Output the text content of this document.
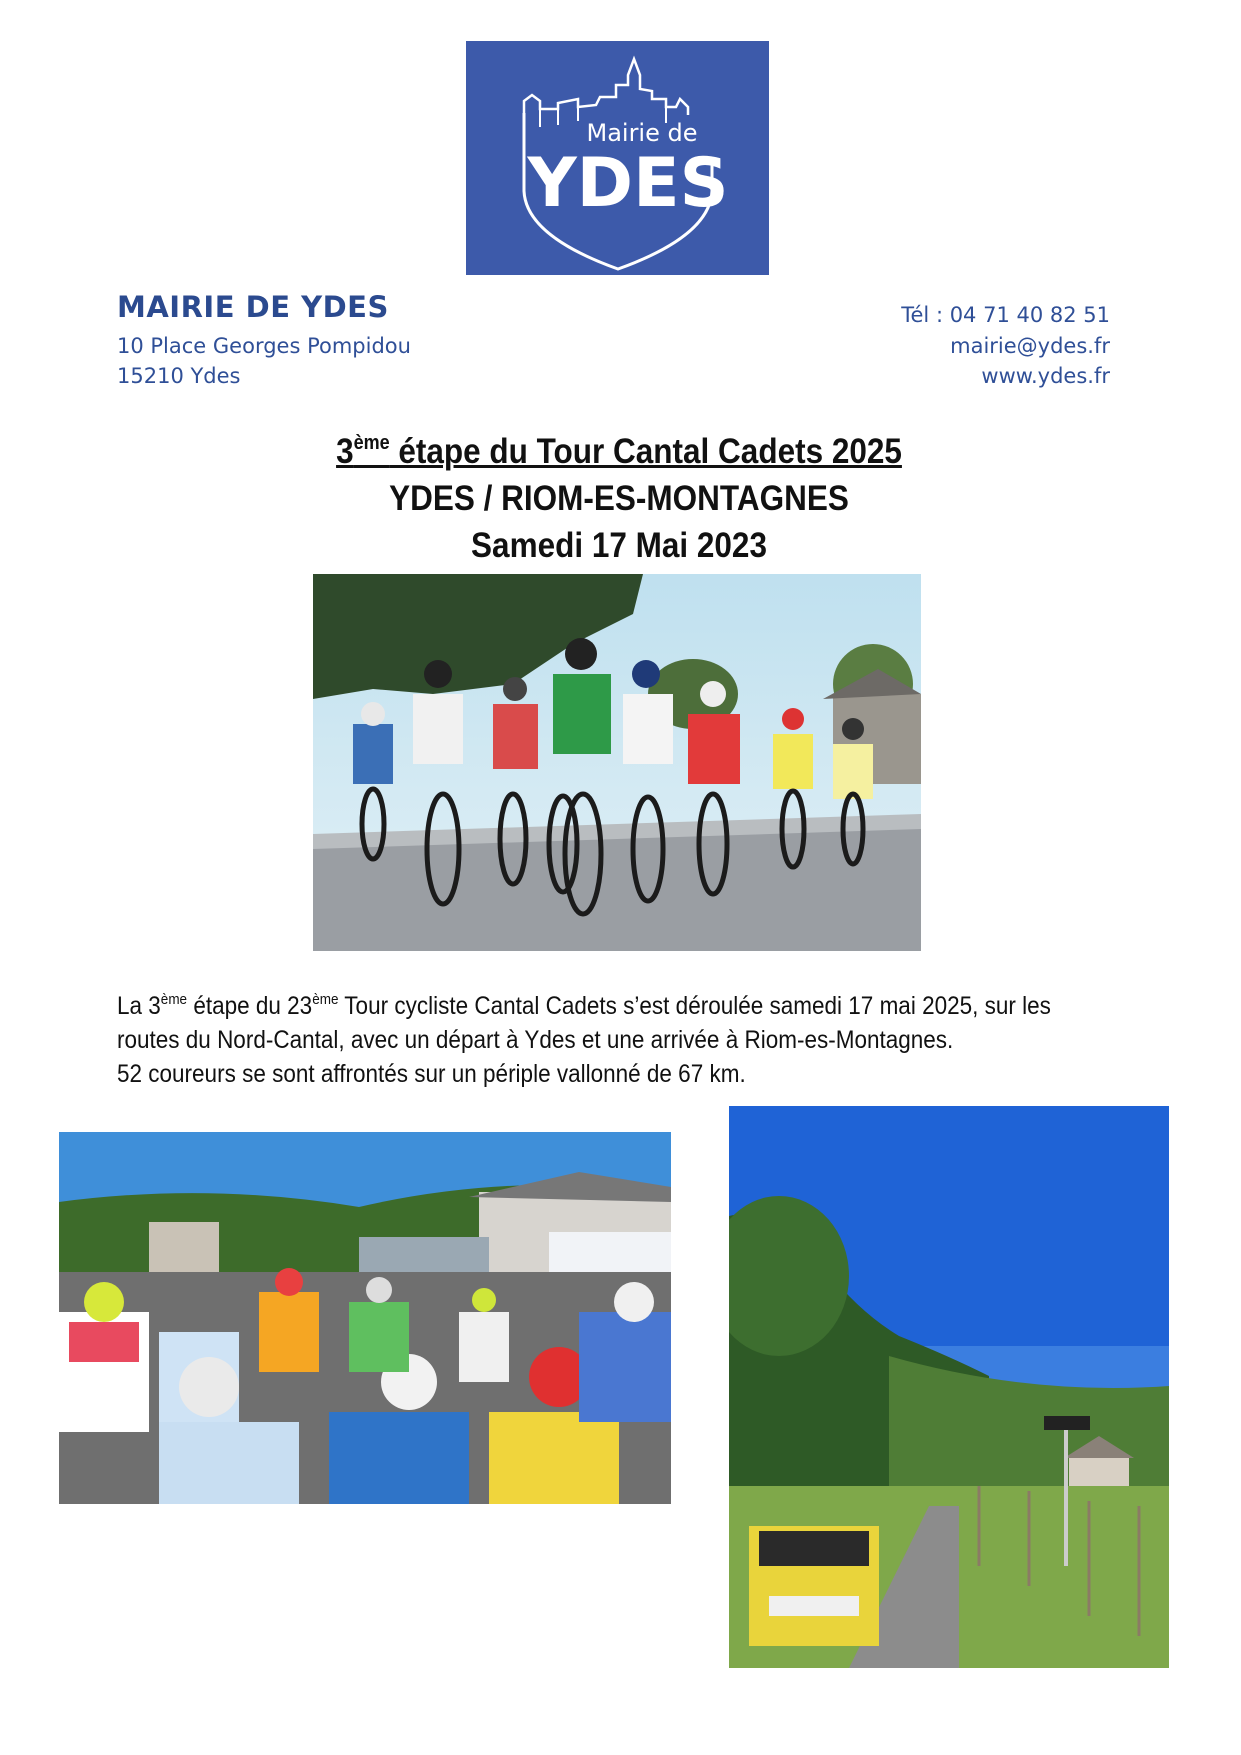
Mairie de
YDES
MAIRIE DE YDES
10 Place Georges Pompidou
15210 Ydes
Tél : 04 71 40 82 51
mairie@ydes.fr
www.ydes.fr
3ème étape du Tour Cantal Cadets 2025
YDES / RIOM-ES-MONTAGNES
Samedi 17 Mai 2023
La 3ème étape du 23ème Tour cycliste Cantal Cadets s’est déroulée samedi 17 mai 2025, sur les
routes du Nord-Cantal, avec un départ à Ydes et une arrivée à Riom-es-Montagnes.
52 coureurs se sont affrontés sur un périple vallonné de 67 km.
